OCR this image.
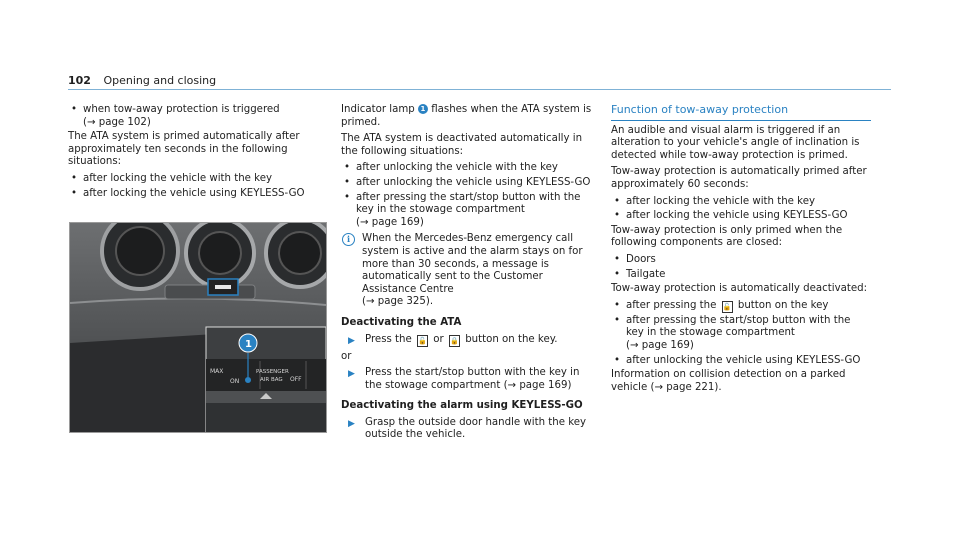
102 Opening and closing
• when tow-away protection is triggered
(→ page 102)

The ATA system is primed automatically after approximately ten seconds in the following situations:

• after locking the vehicle with the key
• after locking the vehicle using KEYLESS-GO
MAX
ON
PASSENGER
AIR BAG OFF
1

Indicator lamp 1 flashes when the ATA system is primed.

The ATA system is deactivated automatically in the following situations:

• after unlocking the vehicle with the key
• after unlocking the vehicle using KEYLESS-GO
• after pressing the start/stop button with the key in the stowage compartment
(→ page 169)
i	When the Mercedes-Benz emergency call system is active and the alarm stays on for more than 30 seconds, a message is automatically sent to the Customer Assistance Centre
(→ page 325).
Deactivating the ATA
▶ Press the 🔓 or 🔒 button on the key.

or

▶ Press the start/stop button with the key in the stowage compartment (→ page 169)
Deactivating the alarm using KEYLESS-GO
▶ Grasp the outside door handle with the key outside the vehicle.
Function of tow-away protection

An audible and visual alarm is triggered if an alteration to your vehicle's angle of inclination is detected while tow-away protection is primed.

Tow-away protection is automatically primed after approximately 60 seconds:

• after locking the vehicle with the key
• after locking the vehicle using KEYLESS-GO

Tow-away protection is only primed when the following components are closed:

• Doors
• Tailgate

Tow-away protection is automatically deactivated:

• after pressing the 🔓 button on the key
• after pressing the start/stop button with the key in the stowage compartment
(→ page 169)
• after unlocking the vehicle using KEYLESS-GO

Information on collision detection on a parked vehicle (→ page 221).
